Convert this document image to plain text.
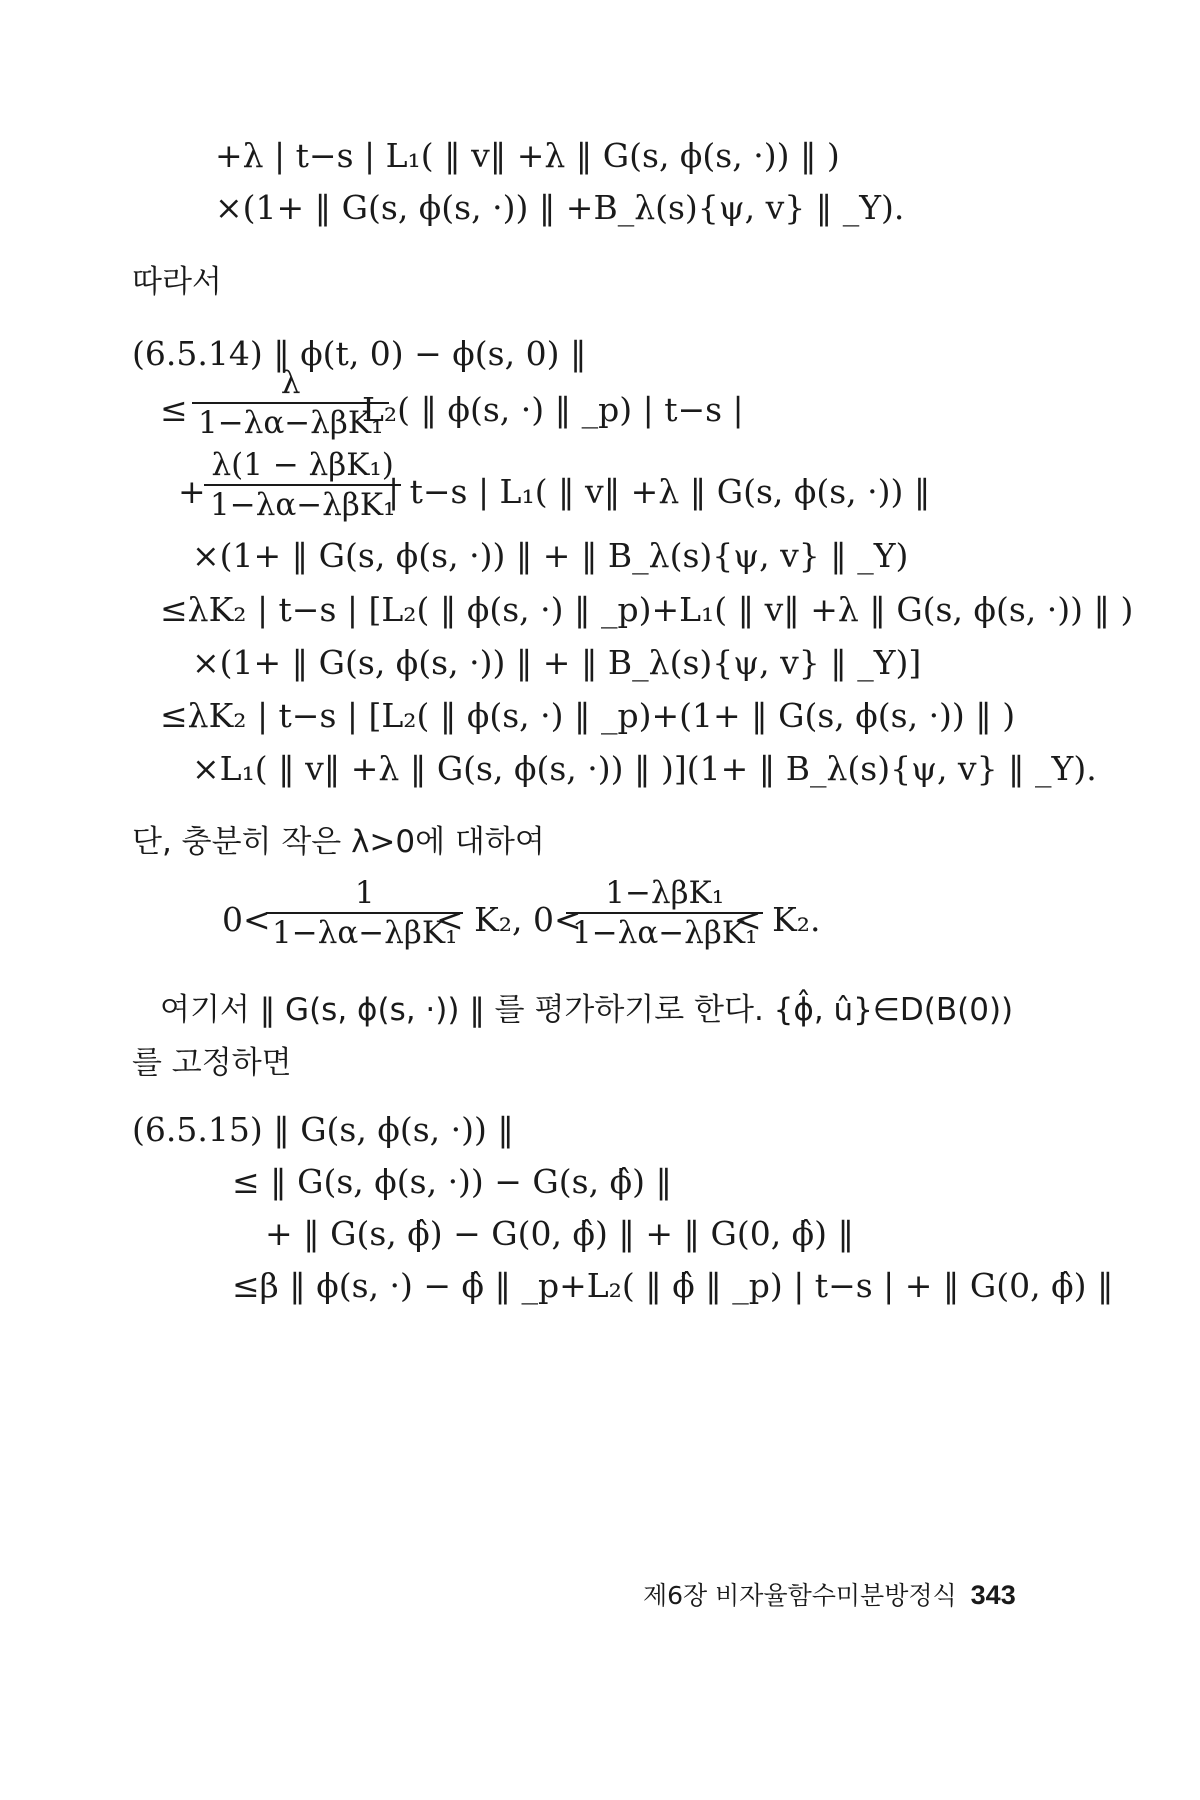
+λ | t−s | L₁( ‖ v‖ +λ ‖ G(s, ϕ(s, ·)) ‖ )
×(1+ ‖ G(s, ϕ(s, ·)) ‖ +B_λ(s){ψ, v} ‖ _Y).
따라서
(6.5.14) ‖ ϕ(t, 0) − ϕ(s, 0) ‖
≤
λ
1−λα−λβK₁
L₂( ‖ ϕ(s, ·) ‖ _p) | t−s |
+
λ(1 − λβK₁)
1−λα−λβK₁
| t−s | L₁( ‖ v‖ +λ ‖ G(s, ϕ(s, ·)) ‖
×(1+ ‖ G(s, ϕ(s, ·)) ‖ + ‖ B_λ(s){ψ, v} ‖ _Y)
≤λK₂ | t−s | [L₂( ‖ ϕ(s, ·) ‖ _p)+L₁( ‖ v‖ +λ ‖ G(s, ϕ(s, ·)) ‖ )
×(1+ ‖ G(s, ϕ(s, ·)) ‖ + ‖ B_λ(s){ψ, v} ‖ _Y)]
≤λK₂ | t−s | [L₂( ‖ ϕ(s, ·) ‖ _p)+(1+ ‖ G(s, ϕ(s, ·)) ‖ )
×L₁( ‖ v‖ +λ ‖ G(s, ϕ(s, ·)) ‖ )](1+ ‖ B_λ(s){ψ, v} ‖ _Y).
단, 충분히 작은 λ>0에 대하여
0<
1
1−λα−λβK₁
< K₂, 0<
1−λβK₁
1−λα−λβK₁
< K₂.
여기서 ‖ G(s, ϕ(s, ·)) ‖ 를 평가하기로 한다. {ϕ̂, û}∈D(B(0))
를 고정하면
(6.5.15) ‖ G(s, ϕ(s, ·)) ‖
≤ ‖ G(s, ϕ(s, ·)) − G(s, ϕ̂) ‖
+ ‖ G(s, ϕ̂) − G(0, ϕ̂) ‖ + ‖ G(0, ϕ̂) ‖
≤β ‖ ϕ(s, ·) − ϕ̂ ‖ _p+L₂( ‖ ϕ̂ ‖ _p) | t−s | + ‖ G(0, ϕ̂) ‖
제6장 비자율함수미분방정식 343
